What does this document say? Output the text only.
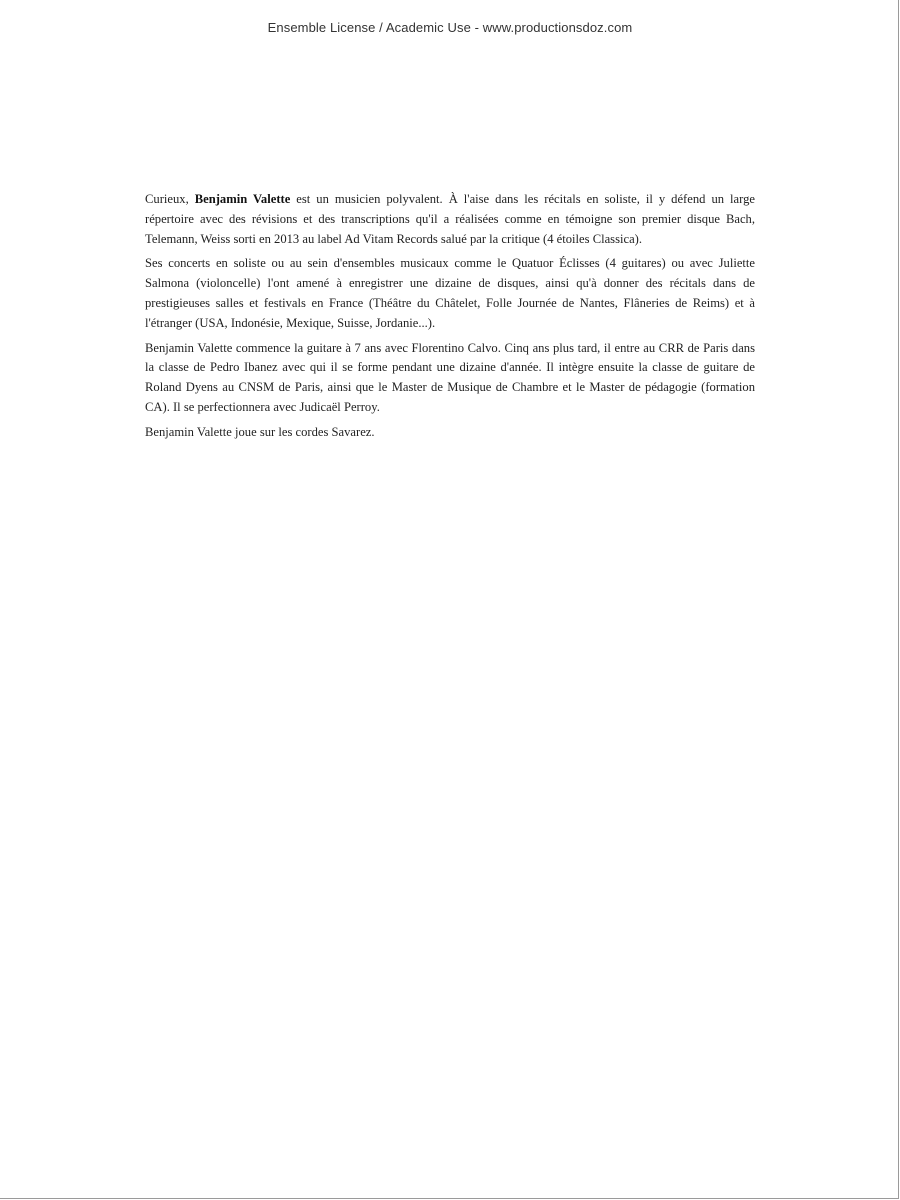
Ensemble License / Academic Use - www.productionsdoz.com

Curieux, Benjamin Valette est un musicien polyvalent. À l'aise dans les récitals en soliste, il y défend un large répertoire avec des révisions et des transcriptions qu'il a réalisées comme en témoigne son premier disque Bach, Telemann, Weiss sorti en 2013 au label Ad Vitam Records salué par la critique (4 étoiles Classica).

Ses concerts en soliste ou au sein d'ensembles musicaux comme le Quatuor Éclisses (4 guitares) ou avec Juliette Salmona (violoncelle) l'ont amené à enregistrer une dizaine de disques, ainsi qu'à donner des récitals dans de prestigieuses salles et festivals en France (Théâtre du Châtelet, Folle Journée de Nantes, Flâneries de Reims) et à l'étranger (USA, Indonésie, Mexique, Suisse, Jordanie...).

Benjamin Valette commence la guitare à 7 ans avec Florentino Calvo. Cinq ans plus tard, il entre au CRR de Paris dans la classe de Pedro Ibanez avec qui il se forme pendant une dizaine d'année. Il intègre ensuite la classe de guitare de Roland Dyens au CNSM de Paris, ainsi que le Master de Musique de Chambre et le Master de pédagogie (formation CA). Il se perfectionnera avec Judicaël Perroy.

Benjamin Valette joue sur les cordes Savarez.
